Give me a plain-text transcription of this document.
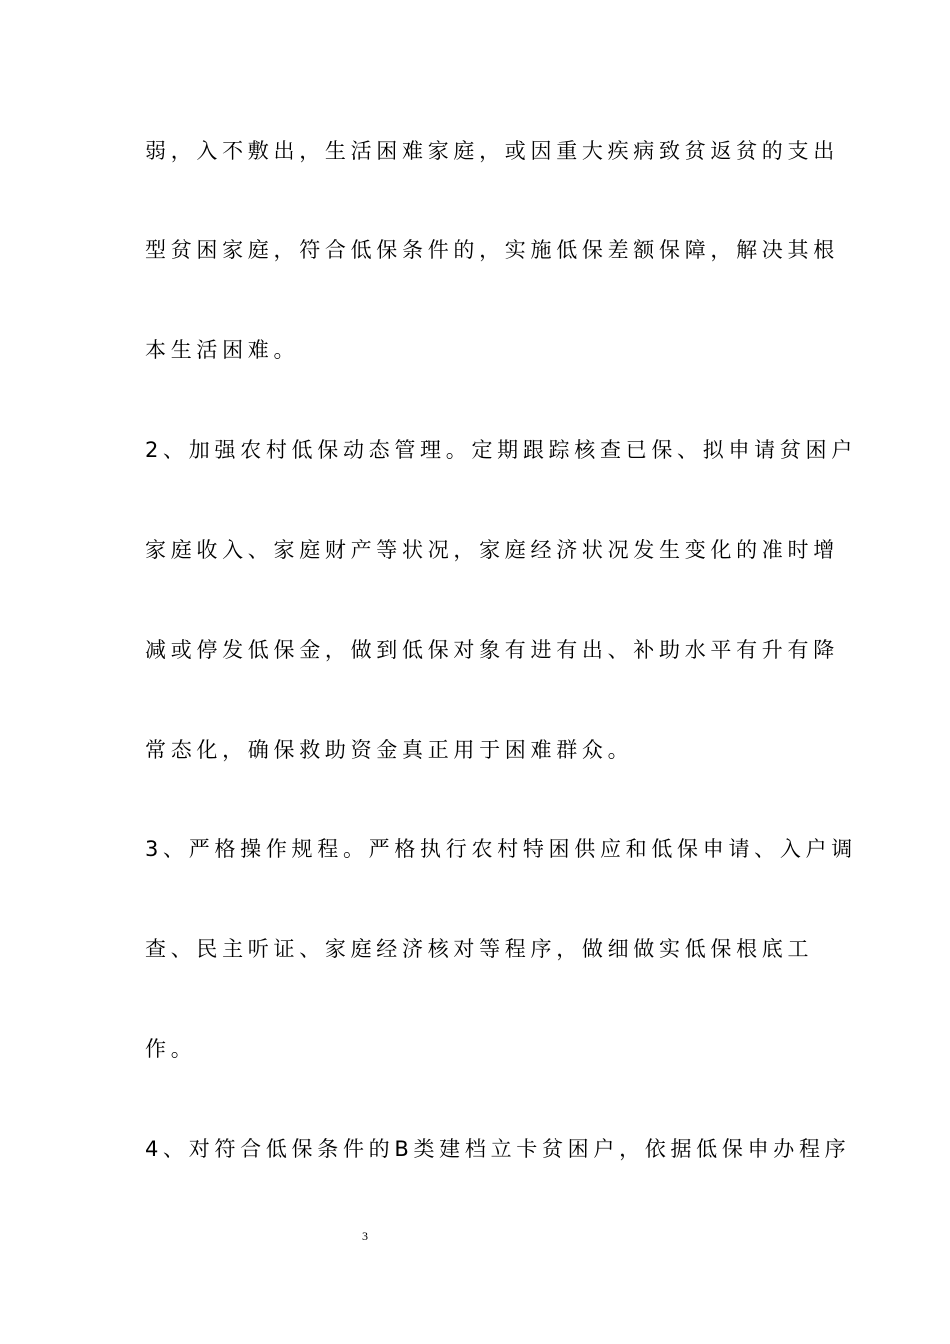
弱，入不敷出，生活困难家庭，或因重大疾病致贫返贫的支出
型贫困家庭，符合低保条件的，实施低保差额保障，解决其根
本生活困难。
2、加强农村低保动态管理。定期跟踪核查已保、拟申请贫困户
家庭收入、家庭财产等状况，家庭经济状况发生变化的准时增
减或停发低保金，做到低保对象有进有出、补助水平有升有降
常态化，确保救助资金真正用于困难群众。
3、严格操作规程。严格执行农村特困供应和低保申请、入户调
查、民主听证、家庭经济核对等程序，做细做实低保根底工
作。
4、对符合低保条件的B类建档立卡贫困户，依据低保申办程序
3
